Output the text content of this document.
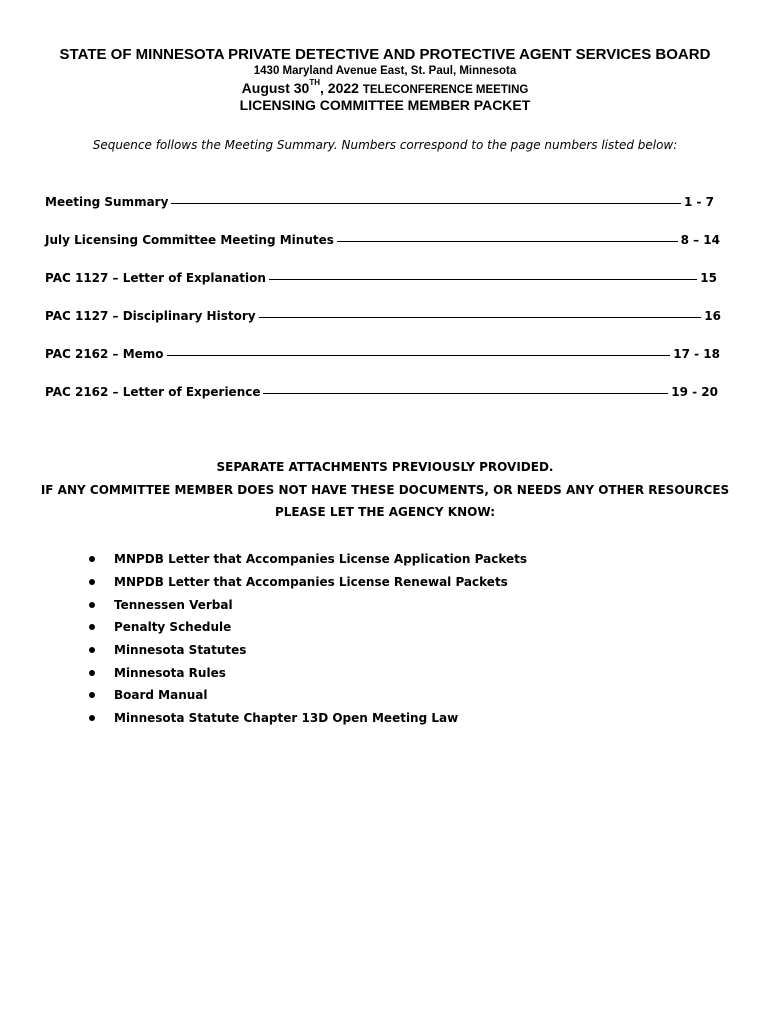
STATE OF MINNESOTA PRIVATE DETECTIVE AND PROTECTIVE AGENT SERVICES BOARD
1430 Maryland Avenue East, St. Paul, Minnesota
August 30TH, 2022 TELECONFERENCE MEETING
LICENSING COMMITTEE MEMBER PACKET
Sequence follows the Meeting Summary. Numbers correspond to the page numbers listed below:
Meeting Summary	1 - 7
July Licensing Committee Meeting Minutes	8 – 14
PAC 1127 – Letter of Explanation	15
PAC 1127 – Disciplinary History	16
PAC 2162 – Memo	17 - 18
PAC 2162 – Letter of Experience	19 - 20
SEPARATE ATTACHMENTS PREVIOUSLY PROVIDED.
IF ANY COMMITTEE MEMBER DOES NOT HAVE THESE DOCUMENTS, OR NEEDS ANY OTHER RESOURCES
PLEASE LET THE AGENCY KNOW:
MNPDB Letter that Accompanies License Application Packets
MNPDB Letter that Accompanies License Renewal Packets
Tennessen Verbal
Penalty Schedule
Minnesota Statutes
Minnesota Rules
Board Manual
Minnesota Statute Chapter 13D Open Meeting Law
